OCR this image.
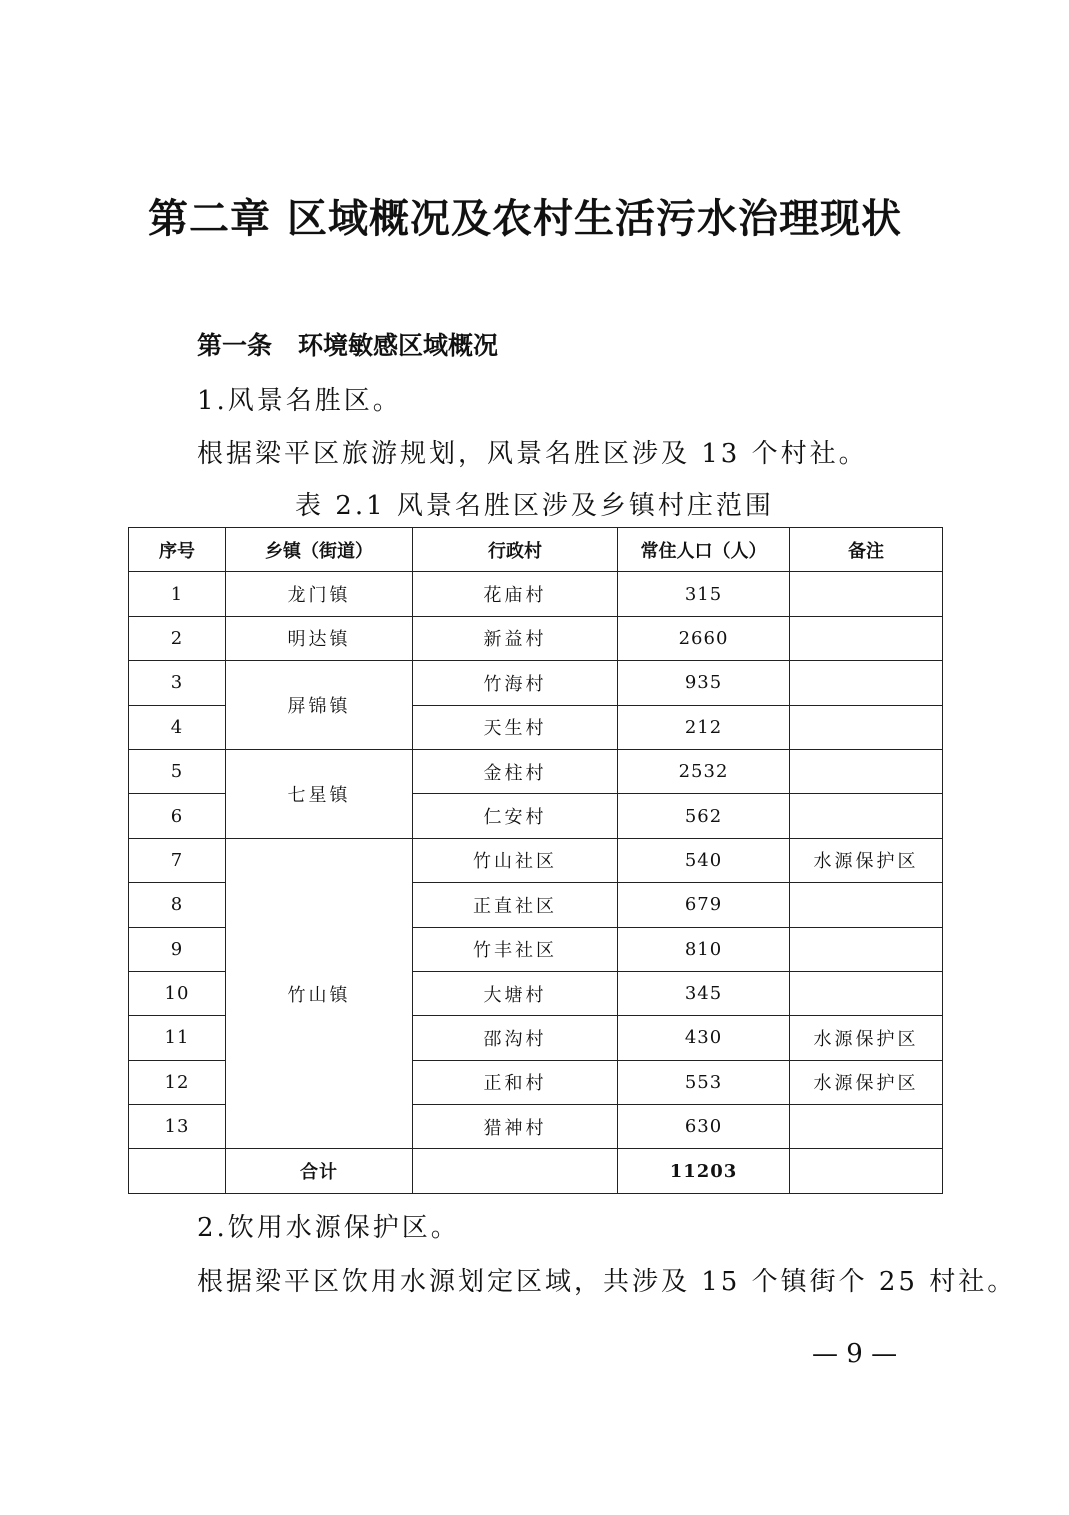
第二章 区域概况及农村生活污水治理现状
第一条 环境敏感区域概况
1.风景名胜区。
根据梁平区旅游规划，风景名胜区涉及 13 个村社。
表 2.1 风景名胜区涉及乡镇村庄范围
序号	乡镇（街道）	行政村	常住人口（人）	备注
1	龙门镇	花庙村	315	
2	明达镇	新益村	2660	
3	屏锦镇	竹海村	935	
4		天生村	212	
5	七星镇	金柱村	2532	
6		仁安村	562	
7	竹山镇	竹山社区	540	水源保护区
8		正直社区	679	
9		竹丰社区	810	
10		大塘村	345	
11		邵沟村	430	水源保护区
12		正和村	553	水源保护区
13		猎神村	630	
	合计		11203	
2.饮用水源保护区。
根据梁平区饮用水源划定区域，共涉及 15 个镇街个 25 村社。
— 9 —
